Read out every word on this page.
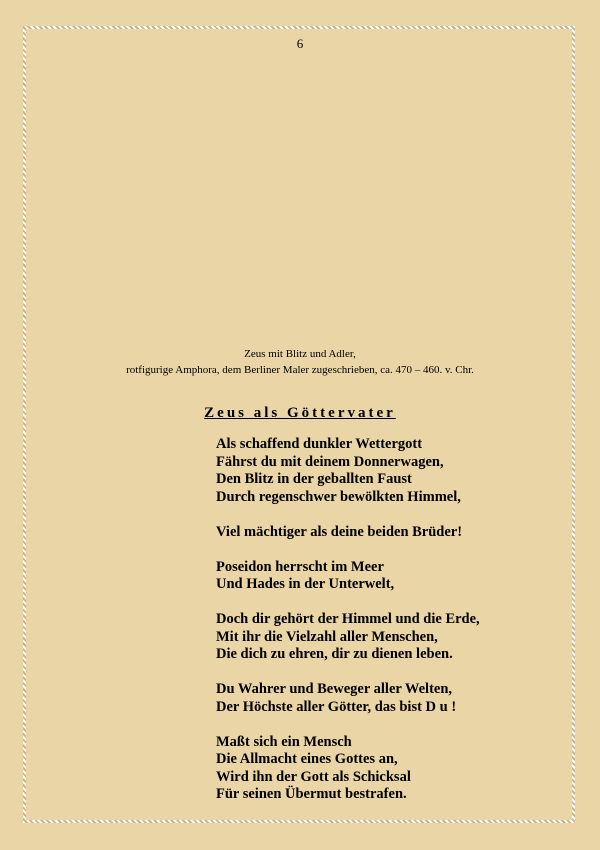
6
Zeus mit Blitz und Adler,
rotfigurige Amphora, dem Berliner Maler zugeschrieben, ca. 470 – 460. v. Chr.
Zeus als Göttervater
Als schaffend dunkler Wettergott
Fährst du mit deinem Donnerwagen,
Den Blitz in der geballten Faust
Durch regenschwer bewölkten Himmel,
Viel mächtiger als deine beiden Brüder!
Poseidon herrscht im Meer
Und Hades in der Unterwelt,
Doch dir gehört der Himmel und die Erde,
Mit ihr die Vielzahl aller Menschen,
Die dich zu ehren, dir zu dienen leben.
Du Wahrer und Beweger aller Welten,
Der Höchste aller Götter, das bist D u !
Maßt sich ein Mensch
Die Allmacht eines Gottes an,
Wird ihn der Gott als Schicksal
Für seinen Übermut bestrafen.
